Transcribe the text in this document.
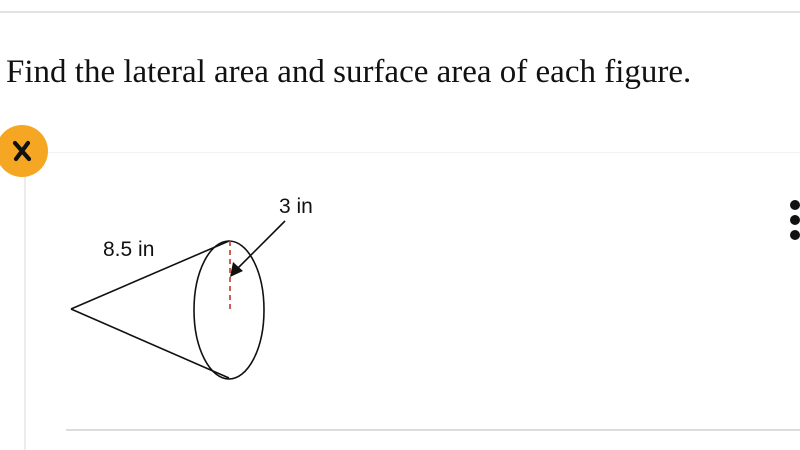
Find the lateral area and surface area of each figure.
8.5 in
3 in
